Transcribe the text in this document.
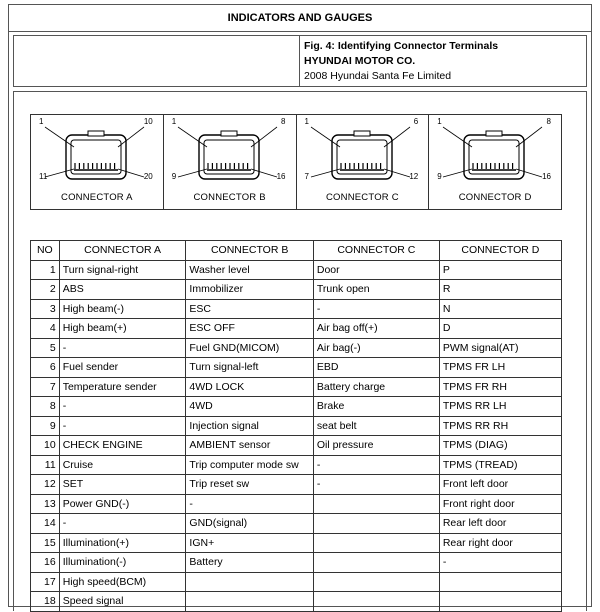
INDICATORS AND GAUGES
Fig. 4: Identifying Connector Terminals
HYUNDAI MOTOR CO.
2008 Hyundai Santa Fe Limited
1	10
11	20
CONNECTOR A
1	8
9	16
CONNECTOR B
1	6
7	12
CONNECTOR C
1	8
9	16
CONNECTOR D
NO	CONNECTOR A	CONNECTOR B	CONNECTOR C	CONNECTOR D
1	Turn signal-right	Washer level	Door	P
2	ABS	Immobilizer	Trunk open	R
3	High beam(-)	ESC	-	N
4	High beam(+)	ESC OFF	Air bag off(+)	D
5	-	Fuel GND(MICOM)	Air bag(-)	PWM signal(AT)
6	Fuel sender	Turn signal-left	EBD	TPMS FR LH
7	Temperature sender	4WD LOCK	Battery charge	TPMS FR RH
8	-	4WD	Brake	TPMS RR LH
9	-	Injection signal	seat belt	TPMS RR RH
10	CHECK ENGINE	AMBIENT sensor	Oil pressure	TPMS (DIAG)
11	Cruise	Trip computer mode sw	-	TPMS (TREAD)
12	SET	Trip reset sw	-	Front left door
13	Power GND(-)	-		Front right door
14	-	GND(signal)		Rear left door
15	Illumination(+)	IGN+		Rear right door
16	Illumination(-)	Battery		-
17	High speed(BCM)			
18	Speed signal			
